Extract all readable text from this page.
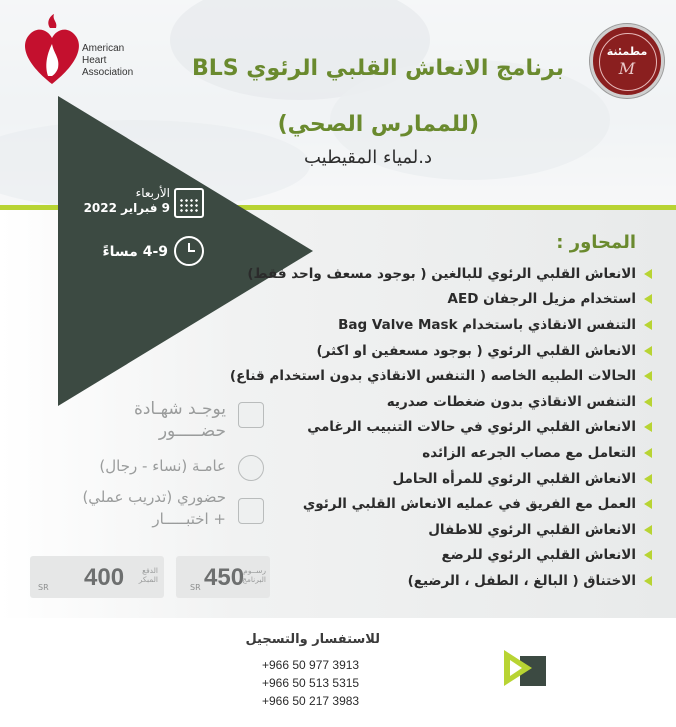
American
Heart
Association
مطمئنة
M
برنامج الانعاش القلبي الرئوي BLS
(للممارس الصحي)
د.لمياء المقيطيب
الأربعاء
9 فبراير 2022
4-9 مساءً	المحاور :
الانعاش القلبي الرئوي للبالغين ( بوجود مسعف واحد فقط)
استخدام مزيل الرجفان AED
التنفس الانقاذي باستخدام Bag Valve Mask
الانعاش القلبي الرئوي ( بوجود مسعفين او اكثر)
الحالات الطبيه الخاصه ( التنفس الانقاذي بدون استخدام قناع)
التنفس الانقاذي بدون ضغطات صدريه
الانعاش القلبي الرئوي في حالات التنبيب الرغامي
التعامل مع مصاب الجرعه الزائده
الانعاش القلبي الرئوي للمرأه الحامل
العمل مع الفريق في عمليه الانعاش القلبي الرئوي
الانعاش القلبي الرئوي للاطفال
الانعاش القلبي الرئوي للرضع
الاختناق ( البالغ ، الطفل ، الرضيع)
يوجـد شهـادة
حضـــــور
عامـة (نساء - رجال)
حضوري (تدريب عملي)
+ اختبـــــار
SR 450 رســوم
البرنامج
SR 400	الدفع
المبكر
للاستفسار والتسجيل
+966 50 977 3913
+966 50 513 5315
+966 50 217 3983
